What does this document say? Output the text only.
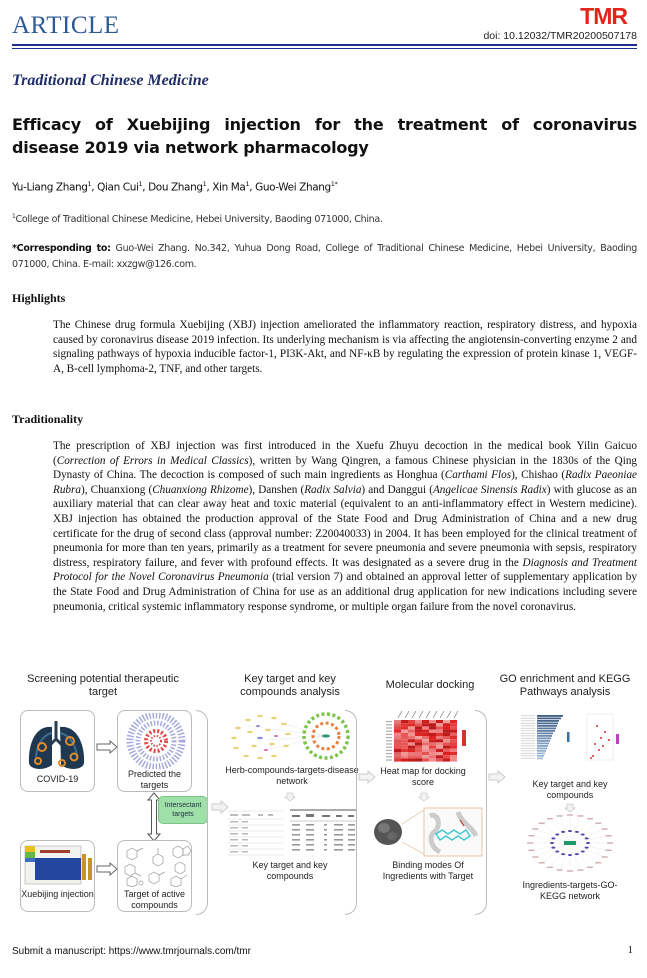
ARTICLE	TMR
doi: 10.12032/TMR20200507178
Traditional Chinese Medicine
Efficacy of Xuebijing injection for the treatment of coronavirus disease 2019 via network pharmacology
Yu-Liang Zhang$^1$, Qian Cui$^1$, Dou Zhang$^1$, Xin Ma$^1$, Guo-Wei Zhang$^{1*}$
$^1$College of Traditional Chinese Medicine, Hebei University, Baoding 071000, China.
*Corresponding to: Guo-Wei Zhang. No.342, Yuhua Dong Road, College of Traditional Chinese Medicine, Hebei University, Baoding 071000, China. E-mail: xxzgw@126.com.
Highlights
The Chinese drug formula Xuebijing (XBJ) injection ameliorated the inflammatory reaction, respiratory distress, and hypoxia caused by coronavirus disease 2019 infection. Its underlying mechanism is via affecting the angiotensin-converting enzyme 2 and signaling pathways of hypoxia inducible factor-1, PI3K-Akt, and NF-κB by regulating the expression of protein kinase 1, VEGF-A, B-cell lymphoma-2, TNF, and other targets.
Traditionality
The prescription of XBJ injection was first introduced in the Xuefu Zhuyu decoction in the medical book Yilin Gaicuo (Correction of Errors in Medical Classics), written by Wang Qingren, a famous Chinese physician in the 1830s of the Qing Dynasty of China. The decoction is composed of such main ingredients as Honghua (Carthami Flos), Chishao (Radix Paeoniae Rubra), Chuanxiong (Chuanxiong Rhizome), Danshen (Radix Salvia) and Danggui (Angelicae Sinensis Radix) with glucose as an auxiliary material that can clear away heat and toxic material (equivalent to an anti-inflammatory effect in Western medicine). XBJ injection has obtained the production approval of the State Food and Drug Administration of China and a new drug certificate for the drug of second class (approval number: Z20040033) in 2004. It has been employed for the clinical treatment of pneumonia for more than ten years, primarily as a treatment for severe pneumonia and severe pneumonia with sepsis, respiratory distress, respiratory failure, and fever with profound effects. It was designated as a severe drug in the Diagnosis and Treatment Protocol for the Novel Coronavirus Pneumonia (trial version 7) and obtained an approval letter of supplementary application by the State Food and Drug Administration of China for use as an additional drug application for new indications including severe pneumonia, critical systemic inflammatory response syndrome, or multiple organ failure from the novel coronavirus.
Screening potential therapeutic target
Key target and key compounds analysis
Molecular docking	GO enrichment and KEGG Pathways analysis
COVID-19	Predicted the targets
Intersectant targets
Xuebijing injection	Target of active compounds
Herb-compounds-targets-disease network
Key target and key compounds
Heat map for docking score
Binding modes Of Ingredients with Target
Key target and key compounds
Ingredients-targets-GO-KEGG network
Submit a manuscript: https://www.tmrjournals.com/tmr	1
